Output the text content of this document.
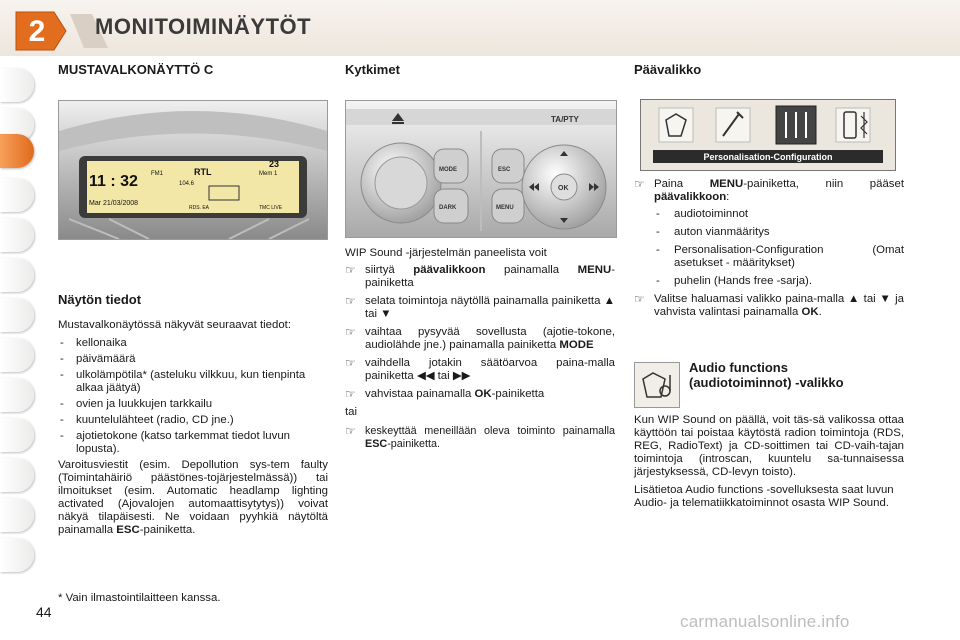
2 MONITOIMINÄYTÖT
MUSTAVALKONÄYTTÖ C
11 : 32
Mar 21/03/2008
FM1	RTL
104.6
Mem 1
23
RDS. EA	TMC LIVE
Näytön tiedot

Mustavalkonäytössä näkyvät seuraavat tiedot:

- kellonaika
- päivämäärä
- ulkolämpötila* (asteluku vilkkuu, kun tienpinta alkaa jäätyä)
- ovien ja luukkujen tarkkailu
- kuuntelulähteet (radio, CD jne.)
- ajotietokone (katso tarkemmat tiedot luvun lopusta).

Varoitusviestit (esim. Depollution sys-tem faulty (Toimintahäiriö päästönes-tojärjestelmässä)) tai ilmoitukset (esim. Automatic headlamp lighting activated (Ajovalojen automaattisytytys)) voivat näkyä tilapäisesti. Ne voidaan pyyhkiä näytöltä painamalla ESC-painiketta.

* Vain ilmastointilaitteen kanssa.
Kytkimet
TA/PTY
MODE
DARK
ESC
MENU
OK

WIP Sound -järjestelmän paneelista voit

☞ siirtyä päävalikkoon painamalla MENU-painiketta
☞ selata toimintoja näytöllä painamalla painiketta ▲ tai ▼
☞ vaihtaa pysyvää sovellusta (ajotie-tokone, audiolähde jne.) painamalla painiketta MODE
☞ vaihdella jotakin säätöarvoa paina-malla painiketta ◀◀ tai ▶▶
☞ vahvistaa painamalla OK-painiketta

tai

☞ keskeyttää meneillään oleva toiminto painamalla ESC-painiketta.
Päävalikko
Personalisation-Configuration
☞ Paina MENU-painiketta, niin pääset päävalikkoon:
- audiotoiminnot
- auton vianmääritys
- Personalisation-Configuration (Omat asetukset - määritykset)
- puhelin (Hands free -sarja).
☞ Valitse haluamasi valikko paina-malla ▲ tai ▼ ja vahvista valintasi painamalla OK.
Audio functions
(audiotoiminnot) -valikko

Kun WIP Sound on päällä, voit täs-sä valikossa ottaa käyttöön tai poistaa käytöstä radion toimintoja (RDS, REG, RadioText) ja CD-soittimen tai CD-vaih-tajan toimintoja (introscan, kuuntelu sa-tunnaisessa järjestyksessä, CD-levyn toisto).

Lisätietoa Audio functions -sovelluksesta saat luvun Audio- ja telematiikkatoiminnot osasta WIP Sound.

44	carmanualsonline.info
